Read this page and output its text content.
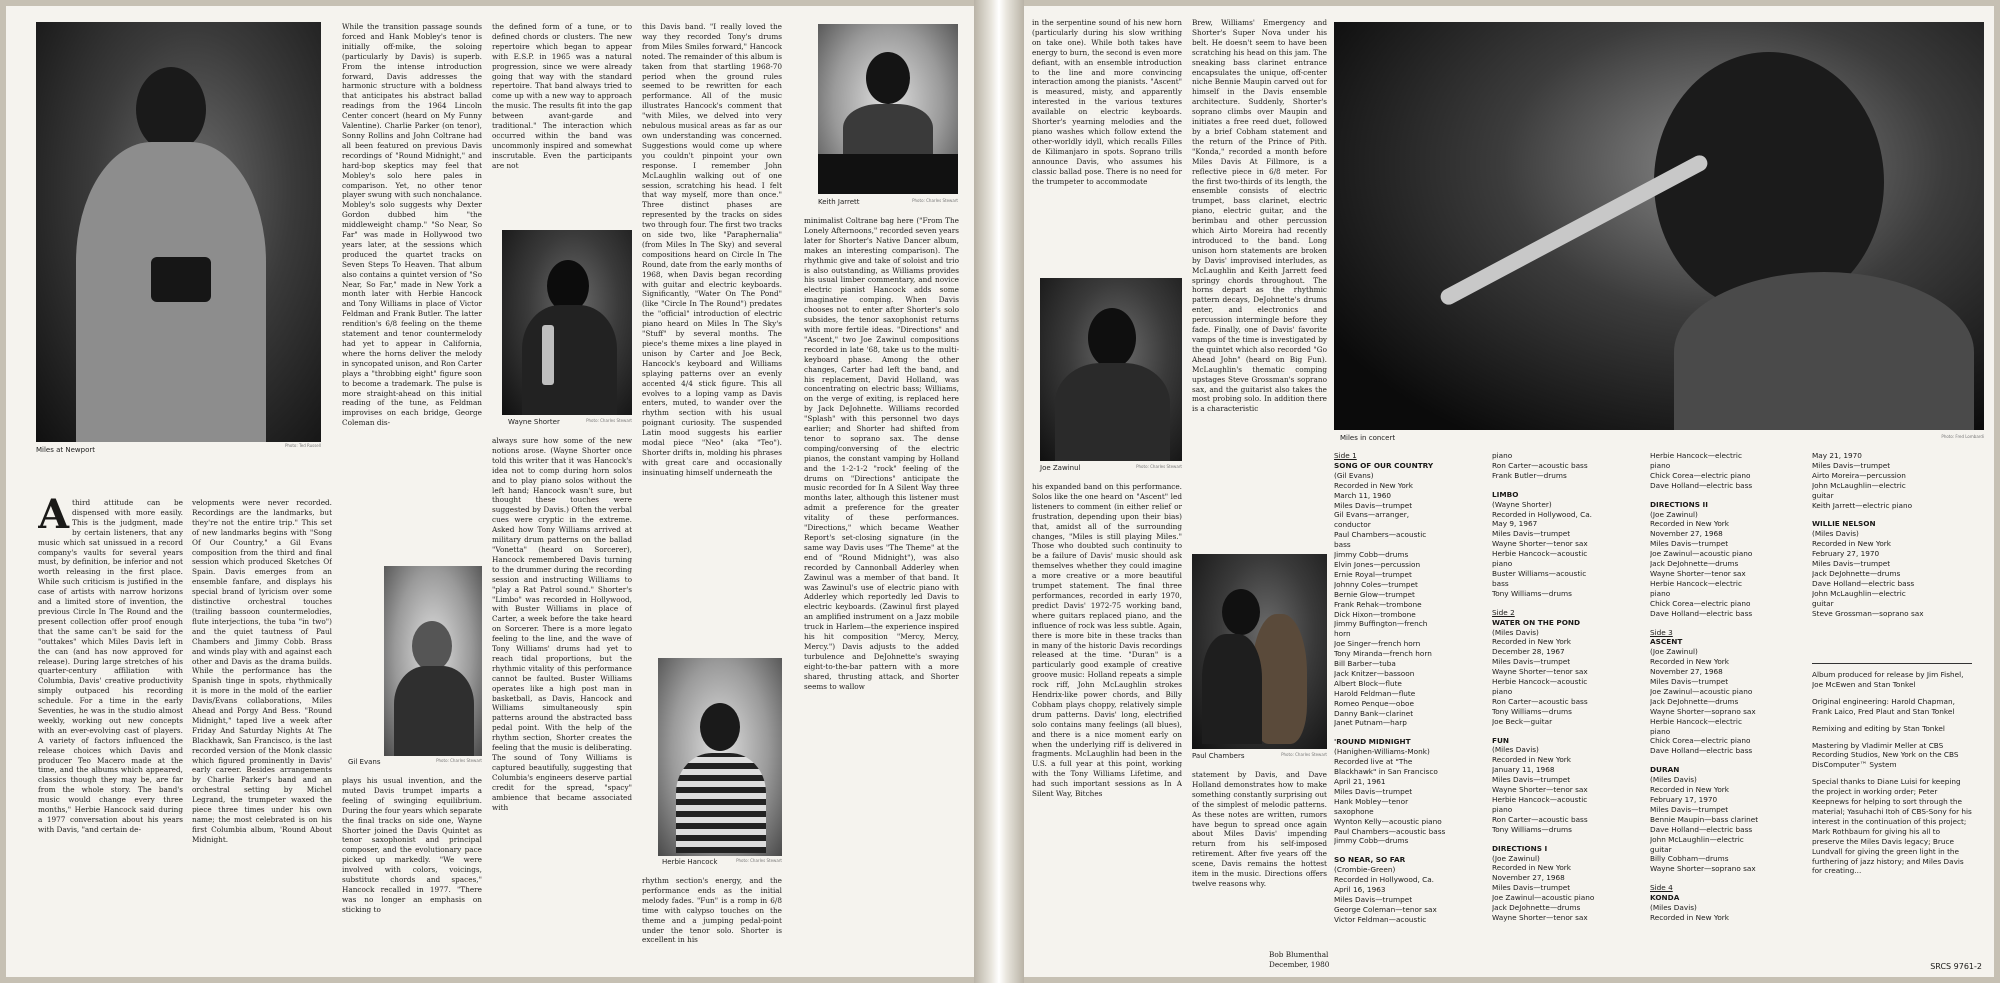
Photo: Ted Russell
Miles at Newport

Athird attitude can be dispensed with more easily. This is the judgment, made by certain listeners, that any music which sat unissued in a record company's vaults for several years must, by definition, be inferior and not worth releasing in the first place. While such criticism is justified in the case of artists with narrow horizons and a limited store of invention, the previous Circle In The Round and the present collection offer proof enough that the same can't be said for the "outtakes" which Miles Davis left in the can (and has now approved for release). During large stretches of his quarter-century affiliation with Columbia, Davis' creative productivity simply outpaced his recording schedule. For a time in the early Seventies, he was in the studio almost weekly, working out new concepts with an ever-evolving cast of players. A variety of factors influenced the release choices which Davis and producer Teo Macero made at the time, and the albums which appeared, classics though they may be, are far from the whole story. The band's music would change every three months," Herbie Hancock said during a 1977 conversation about his years with Davis, "and certain de-

velopments were never recorded. Recordings are the landmarks, but they're not the entire trip." This set of new landmarks begins with "Song Of Our Country," a Gil Evans composition from the third and final session which produced Sketches Of Spain. Davis emerges from an ensemble fanfare, and displays his special brand of lyricism over some distinctive orchestral touches (trailing bassoon countermelodies, flute interjections, the tuba "in two") and the quiet tautness of Paul Chambers and Jimmy Cobb. Brass and winds play with and against each other and Davis as the drama builds. While the performance has the Spanish tinge in spots, rhythmically it is more in the mold of the earlier Davis/Evans collaborations, Miles Ahead and Porgy And Bess. "Round Midnight," taped live a week after Friday And Saturday Nights At The Blackhawk, San Francisco, is the last recorded version of the Monk classic which figured prominently in Davis' early career. Besides arrangements by Charlie Parker's band and an orchestral setting by Michel Legrand, the trumpeter waxed the piece three times under his own name; the most celebrated is on his first Columbia album, 'Round About Midnight.

While the transition passage sounds forced and Hank Mobley's tenor is initially off-mike, the soloing (particularly by Davis) is superb. From the intense introduction forward, Davis addresses the harmonic structure with a boldness that anticipates his abstract ballad readings from the 1964 Lincoln Center concert (heard on My Funny Valentine). Charlie Parker (on tenor), Sonny Rollins and John Coltrane had all been featured on previous Davis recordings of "Round Midnight," and hard-bop skeptics may feel that Mobley's solo here pales in comparison. Yet, no other tenor player swung with such nonchalance. Mobley's solo suggests why Dexter Gordon dubbed him "the middleweight champ." "So Near, So Far" was made in Hollywood two years later, at the sessions which produced the quartet tracks on Seven Steps To Heaven. That album also contains a quintet version of "So Near, So Far," made in New York a month later with Herbie Hancock and Tony Williams in place of Victor Feldman and Frank Butler. The latter rendition's 6/8 feeling on the theme statement and tenor countermelody had yet to appear in California, where the horns deliver the melody in syncopated unison, and Ron Carter plays a "throbbing eight" figure soon to become a trademark. The pulse is more straight-ahead on this initial reading of the tune, as Feldman improvises on each bridge, George Coleman dis-

Gil Evans	Photo: Charles Stewart

plays his usual invention, and the muted Davis trumpet imparts a feeling of swinging equilibrium. During the four years which separate the final tracks on side one, Wayne Shorter joined the Davis Quintet as tenor saxophonist and principal composer, and the evolutionary pace picked up markedly. "We were involved with colors, voicings, substitute chords and spaces," Hancock recalled in 1977. "There was no longer an emphasis on sticking to

the defined form of a tune, or to defined chords or clusters. The new repertoire which began to appear with E.S.P. in 1965 was a natural progression, since we were already going that way with the standard repertoire. That band always tried to come up with a new way to approach the music. The results fit into the gap between avant-garde and traditional." The interaction which occurred within the band was uncommonly inspired and somewhat inscrutable. Even the participants are not

Wayne Shorter	Photo: Charles Stewart

always sure how some of the new notions arose. (Wayne Shorter once told this writer that it was Hancock's idea not to comp during horn solos and to play piano solos without the left hand; Hancock wasn't sure, but thought these touches were suggested by Davis.) Often the verbal cues were cryptic in the extreme. Asked how Tony Williams arrived at military drum patterns on the ballad "Vonetta" (heard on Sorcerer), Hancock remembered Davis turning to the drummer during the recording session and instructing Williams to "play a Rat Patrol sound." Shorter's "Limbo" was recorded in Hollywood, with Buster Williams in place of Carter, a week before the take heard on Sorcerer. There is a more legato feeling to the line, and the wave of Tony Williams' drums had yet to reach tidal proportions, but the rhythmic vitality of this performance cannot be faulted. Buster Williams operates like a high post man in basketball, as Davis, Hancock and Williams simultaneously spin patterns around the abstracted bass pedal point. With the help of the rhythm section, Shorter creates the feeling that the music is deliberating. The sound of Tony Williams is captured beautifully, suggesting that Columbia's engineers deserve partial credit for the spread, "spacy" ambience that became associated with

this Davis band. "I really loved the way they recorded Tony's drums from Miles Smiles forward," Hancock noted. The remainder of this album is taken from that startling 1968-70 period when the ground rules seemed to be rewritten for each performance. All of the music illustrates Hancock's comment that "with Miles, we delved into very nebulous musical areas as far as our own understanding was concerned. Suggestions would come up where you couldn't pinpoint your own response. I remember John McLaughlin walking out of one session, scratching his head. I felt that way myself, more than once." Three distinct phases are represented by the tracks on sides two through four. The first two tracks on side two, like "Paraphernalia" (from Miles In The Sky) and several compositions heard on Circle In The Round, date from the early months of 1968, when Davis began recording with guitar and electric keyboards. Significantly, "Water On The Pond" (like "Circle In The Round") predates the "official" introduction of electric piano heard on Miles In The Sky's "Stuff" by several months. The piece's theme mixes a line played in unison by Carter and Joe Beck, Hancock's keyboard and Williams splaying patterns over an evenly accented 4/4 stick figure. This all evolves to a loping vamp as Davis enters, muted, to wander over the rhythm section with his usual poignant curiosity. The suspended Latin mood suggests his earlier modal piece "Neo" (aka "Teo"). Shorter drifts in, molding his phrases with great care and occasionally insinuating himself underneath the

Herbie Hancock	Photo: Charles Stewart

rhythm section's energy, and the performance ends as the initial melody fades. "Fun" is a romp in 6/8 time with calypso touches on the theme and a jumping pedal-point under the tenor solo. Shorter is excellent in his

Keith Jarrett	Photo: Charles Stewart

minimalist Coltrane bag here ("From The Lonely Afternoons," recorded seven years later for Shorter's Native Dancer album, makes an interesting comparison). The rhythmic give and take of soloist and trio is also outstanding, as Williams provides his usual limber commentary, and novice electric pianist Hancock adds some imaginative comping. When Davis chooses not to enter after Shorter's solo subsides, the tenor saxophonist returns with more fertile ideas. "Directions" and "Ascent," two Joe Zawinul compositions recorded in late '68, take us to the multi-keyboard phase. Among the other changes, Carter had left the band, and his replacement, David Holland, was concentrating on electric bass; Williams, on the verge of exiting, is replaced here by Jack DeJohnette. Williams recorded "Splash" with this personnel two days earlier; and Shorter had shifted from tenor to soprano sax. The dense comping/conversing of the electric pianos, the constant vamping by Holland and the 1-2-1-2 "rock" feeling of the drums on "Directions" anticipate the music recorded for In A Silent Way three months later, although this listener must admit a preference for the greater vitality of these performances. "Directions," which became Weather Report's set-closing signature (in the same way Davis uses "The Theme" at the end of "Round Midnight"), was also recorded by Cannonball Adderley when Zawinul was a member of that band. It was Zawinul's use of electric piano with Adderley which reportedly led Davis to electric keyboards. (Zawinul first played an amplified instrument on a Jazz mobile truck in Harlem—the experience inspired his hit composition "Mercy, Mercy, Mercy.") Davis adjusts to the added turbulence and DeJohnette's swaying eight-to-the-bar pattern with a more shared, thrusting attack, and Shorter seems to wallow

in the serpentine sound of his new horn (particularly during his slow writhing on take one). While both takes have energy to burn, the second is even more defiant, with an ensemble introduction to the line and more convincing interaction among the pianists. "Ascent" is measured, misty, and apparently interested in the various textures available on electric keyboards. Shorter's yearning melodies and the piano washes which follow extend the other-worldly idyll, which recalls Filles de Kilimanjaro in spots. Soprano trills announce Davis, who assumes his classic ballad pose. There is no need for the trumpeter to accommodate

Joe Zawinul	Photo: Charles Stewart

his expanded band on this performance. Solos like the one heard on "Ascent" led listeners to comment (in either relief or frustration, depending upon their bias) that, amidst all of the surrounding changes, "Miles is still playing Miles." Those who doubted such continuity to be a failure of Davis' music should ask themselves whether they could imagine a more creative or a more beautiful trumpet statement. The final three performances, recorded in early 1970, predict Davis' 1972-75 working band, where guitars replaced piano, and the influence of rock was less subtle. Again, there is more bite in these tracks than in many of the historic Davis recordings released at the time. "Duran" is a particularly good example of creative groove music: Holland repeats a simple rock riff, John McLaughlin strokes Hendrix-like power chords, and Billy Cobham plays choppy, relatively simple drum patterns. Davis' long, electrified solo contains many feelings (all blues), and there is a nice moment early on when the underlying riff is delivered in fragments. McLaughlin had been in the U.S. a full year at this point, working with the Tony Williams Lifetime, and had such important sessions as In A Silent Way, Bitches

Brew, Williams' Emergency and Shorter's Super Nova under his belt. He doesn't seem to have been scratching his head on this jam. The sneaking bass clarinet entrance encapsulates the unique, off-center niche Bennie Maupin carved out for himself in the Davis ensemble architecture. Suddenly, Shorter's soprano climbs over Maupin and initiates a free reed duet, followed by a brief Cobham statement and the return of the Prince of Pith. "Konda," recorded a month before Miles Davis At Fillmore, is a reflective piece in 6/8 meter. For the first two-thirds of its length, the ensemble consists of electric trumpet, bass clarinet, electric piano, electric guitar, and the berimbau and other percussion which Airto Moreira had recently introduced to the band. Long unison horn statements are broken by Davis' improvised interludes, as McLaughlin and Keith Jarrett feed springy chords throughout. The horns depart as the rhythmic pattern decays, DeJohnette's drums enter, and electronics and percussion intermingle before they fade. Finally, one of Davis' favorite vamps of the time is investigated by the quintet which also recorded "Go Ahead John" (heard on Big Fun). McLaughlin's thematic comping upstages Steve Grossman's soprano sax, and the guitarist also takes the most probing solo. In addition there is a characteristic

Paul Chambers	Photo: Charles Stewart

statement by Davis, and Dave Holland demonstrates how to make something constantly surprising out of the simplest of melodic patterns. As these notes are written, rumors have begun to spread once again about Miles Davis' impending return from his self-imposed retirement. After five years off the scene, Davis remains the hottest item in the music. Directions offers twelve reasons why.

Bob Blumenthal
December, 1980
Miles in concert	Photo: Fred Lombardi
Side 1
SONG OF OUR COUNTRY
(Gil Evans)
Recorded in New York
March 11, 1960
Miles Davis—trumpet
Gil Evans—arranger,
conductor
Paul Chambers—acoustic
bass
Jimmy Cobb—drums
Elvin Jones—percussion
Ernie Royal—trumpet
Johnny Coles—trumpet
Bernie Glow—trumpet
Frank Rehak—trombone
Dick Hixon—trombone
Jimmy Buffington—french
horn
Joe Singer—french horn
Tony Miranda—french horn
Bill Barber—tuba
Jack Knitzer—bassoon
Albert Block—flute
Harold Feldman—flute
Romeo Penque—oboe
Danny Bank—clarinet
Janet Putnam—harp
'ROUND MIDNIGHT
(Hanighen-Williams-Monk)
Recorded live at "The
Blackhawk" in San Francisco
April 21, 1961
Miles Davis—trumpet
Hank Mobley—tenor
saxophone
Wynton Kelly—acoustic piano
Paul Chambers—acoustic bass
Jimmy Cobb—drums
SO NEAR, SO FAR
(Crombie-Green)
Recorded in Hollywood, Ca.
April 16, 1963
Miles Davis—trumpet
George Coleman—tenor sax
Victor Feldman—acoustic
piano
Ron Carter—acoustic bass
Frank Butler—drums
LIMBO
(Wayne Shorter)
Recorded in Hollywood, Ca.
May 9, 1967
Miles Davis—trumpet
Wayne Shorter—tenor sax
Herbie Hancock—acoustic
piano
Buster Williams—acoustic
bass
Tony Williams—drums
Side 2
WATER ON THE POND
(Miles Davis)
Recorded in New York
December 28, 1967
Miles Davis—trumpet
Wayne Shorter—tenor sax
Herbie Hancock—acoustic
piano
Ron Carter—acoustic bass
Tony Williams—drums
Joe Beck—guitar
FUN
(Miles Davis)
Recorded in New York
January 11, 1968
Miles Davis—trumpet
Wayne Shorter—tenor sax
Herbie Hancock—acoustic
piano
Ron Carter—acoustic bass
Tony Williams—drums
DIRECTIONS I
(Joe Zawinul)
Recorded in New York
November 27, 1968
Miles Davis—trumpet
Joe Zawinul—acoustic piano
Jack DeJohnette—drums
Wayne Shorter—tenor sax
Herbie Hancock—electric
piano
Chick Corea—electric piano
Dave Holland—electric bass
DIRECTIONS II
(Joe Zawinul)
Recorded in New York
November 27, 1968
Miles Davis—trumpet
Joe Zawinul—acoustic piano
Jack DeJohnette—drums
Wayne Shorter—tenor sax
Herbie Hancock—electric
piano
Chick Corea—electric piano
Dave Holland—electric bass
Side 3
ASCENT
(Joe Zawinul)
Recorded in New York
November 27, 1968
Miles Davis—trumpet
Joe Zawinul—acoustic piano
Jack DeJohnette—drums
Wayne Shorter—soprano sax
Herbie Hancock—electric
piano
Chick Corea—electric piano
Dave Holland—electric bass
DURAN
(Miles Davis)
Recorded in New York
February 17, 1970
Miles Davis—trumpet
Bennie Maupin—bass clarinet
Dave Holland—electric bass
John McLaughlin—electric
guitar
Billy Cobham—drums
Wayne Shorter—soprano sax
Side 4
KONDA
(Miles Davis)
Recorded in New York
May 21, 1970
Miles Davis—trumpet
Airto Moreira—percussion
John McLaughlin—electric
guitar
Keith Jarrett—electric piano
WILLIE NELSON
(Miles Davis)
Recorded in New York
February 27, 1970
Miles Davis—trumpet
Jack DeJohnette—drums
Dave Holland—electric bass
John McLaughlin—electric
guitar
Steve Grossman—soprano sax

Album produced for release by Jim Fishel, Joe McEwen and Stan Tonkel

Original engineering: Harold Chapman, Frank Laico, Fred Plaut and Stan Tonkel

Remixing and editing by Stan Tonkel

Mastering by Vladimir Meller at CBS Recording Studios, New York on the CBS DisComputer™ System

Special thanks to Diane Luisi for keeping the project in working order; Peter Keepnews for helping to sort through the material; Yasuhachi Itoh of CBS-Sony for his interest in the continuation of this project; Mark Rothbaum for giving his all to preserve the Miles Davis legacy; Bruce Lundvall for giving the green light in the furthering of jazz history; and Miles Davis for creating...

SRCS 9761-2
